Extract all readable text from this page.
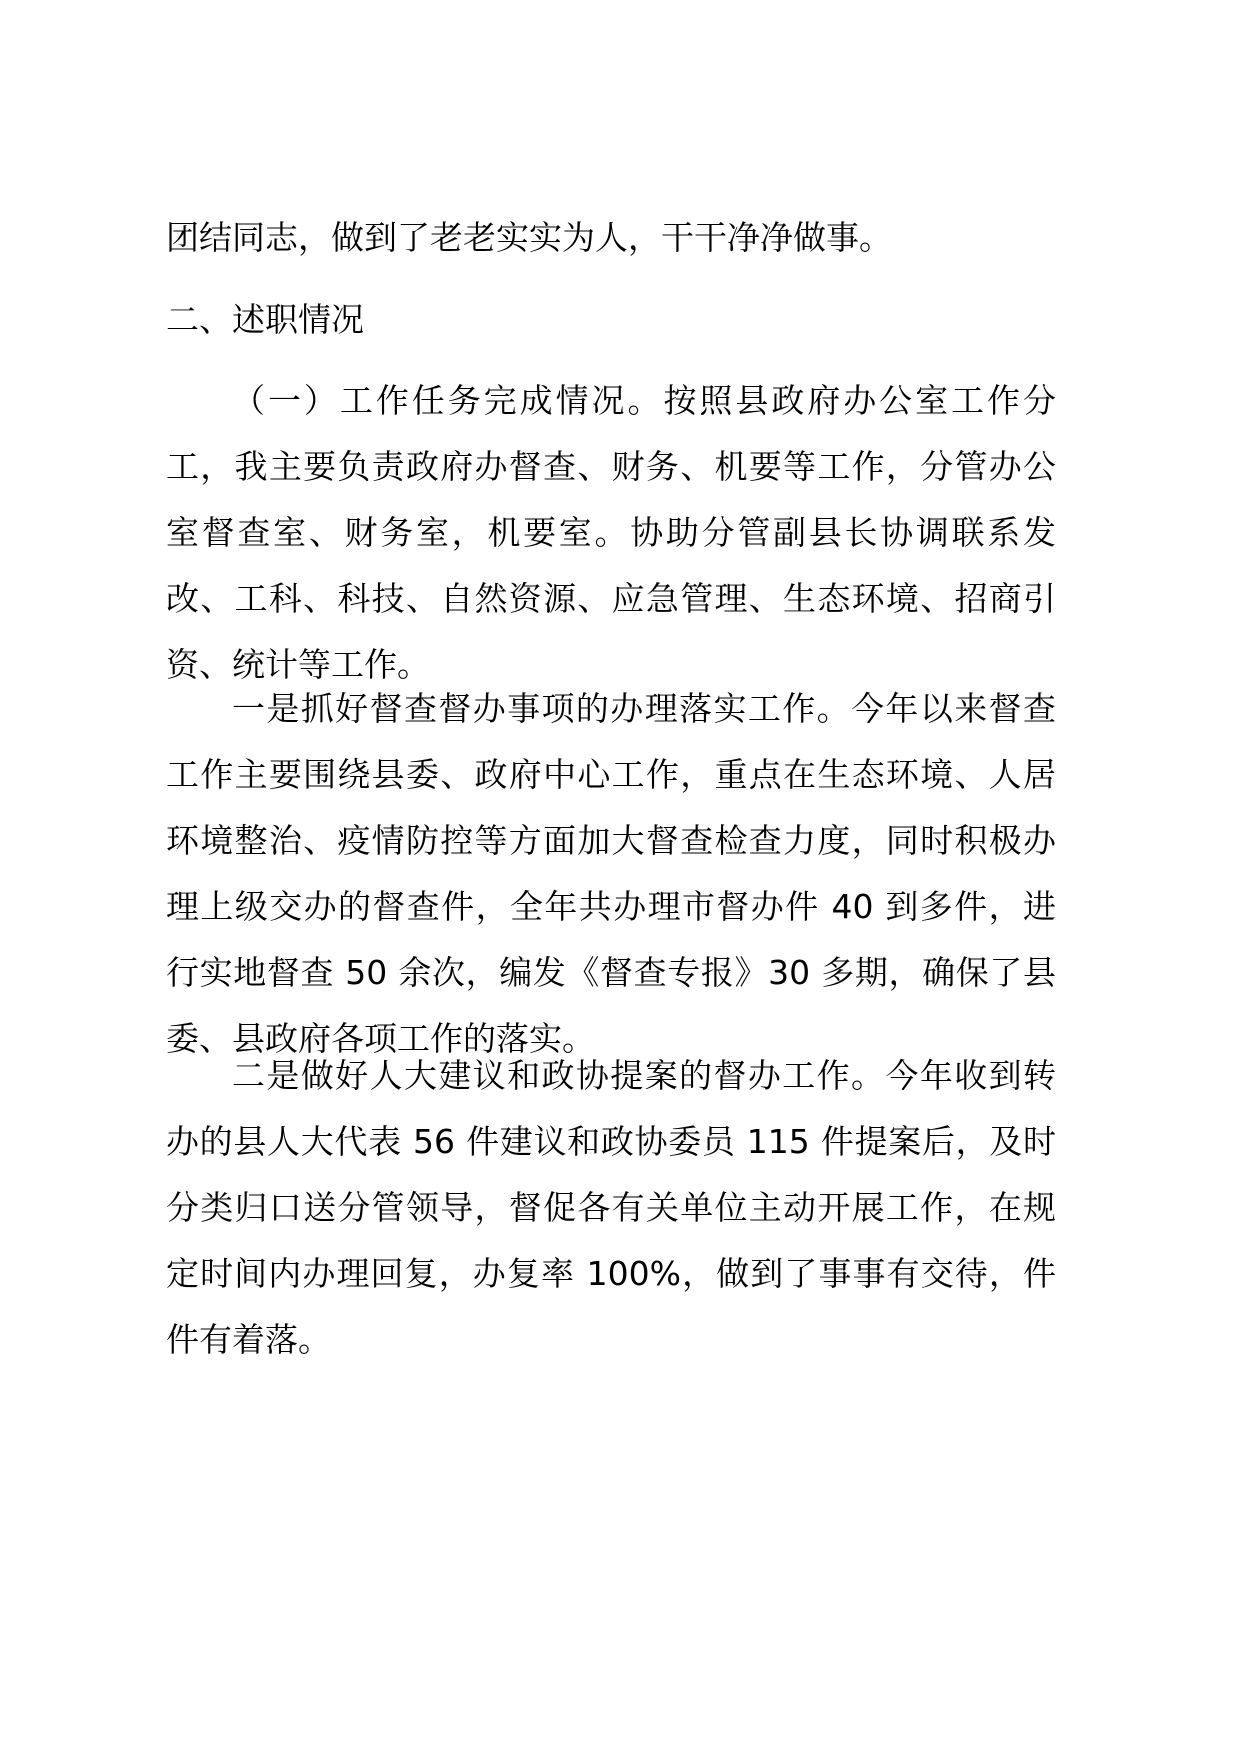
团结同志，做到了老老实实为人，干干净净做事。
二、述职情况
（一）工作任务完成情况。按照县政府办公室工作分
工，我主要负责政府办督查、财务、机要等工作，分管办公
室督查室、财务室，机要室。协助分管副县长协调联系发
改、工科、科技、自然资源、应急管理、生态环境、招商引
资、统计等工作。
一是抓好督查督办事项的办理落实工作。今年以来督查
工作主要围绕县委、政府中心工作，重点在生态环境、人居
环境整治、疫情防控等方面加大督查检查力度，同时积极办
理上级交办的督查件，全年共办理市督办件 40 到多件，进
行实地督查 50 余次，编发《督查专报》30 多期，确保了县
委、县政府各项工作的落实。
二是做好人大建议和政协提案的督办工作。今年收到转
办的县人大代表 56 件建议和政协委员 115 件提案后，及时
分类归口送分管领导，督促各有关单位主动开展工作，在规
定时间内办理回复，办复率 100%，做到了事事有交待，件
件有着落。
